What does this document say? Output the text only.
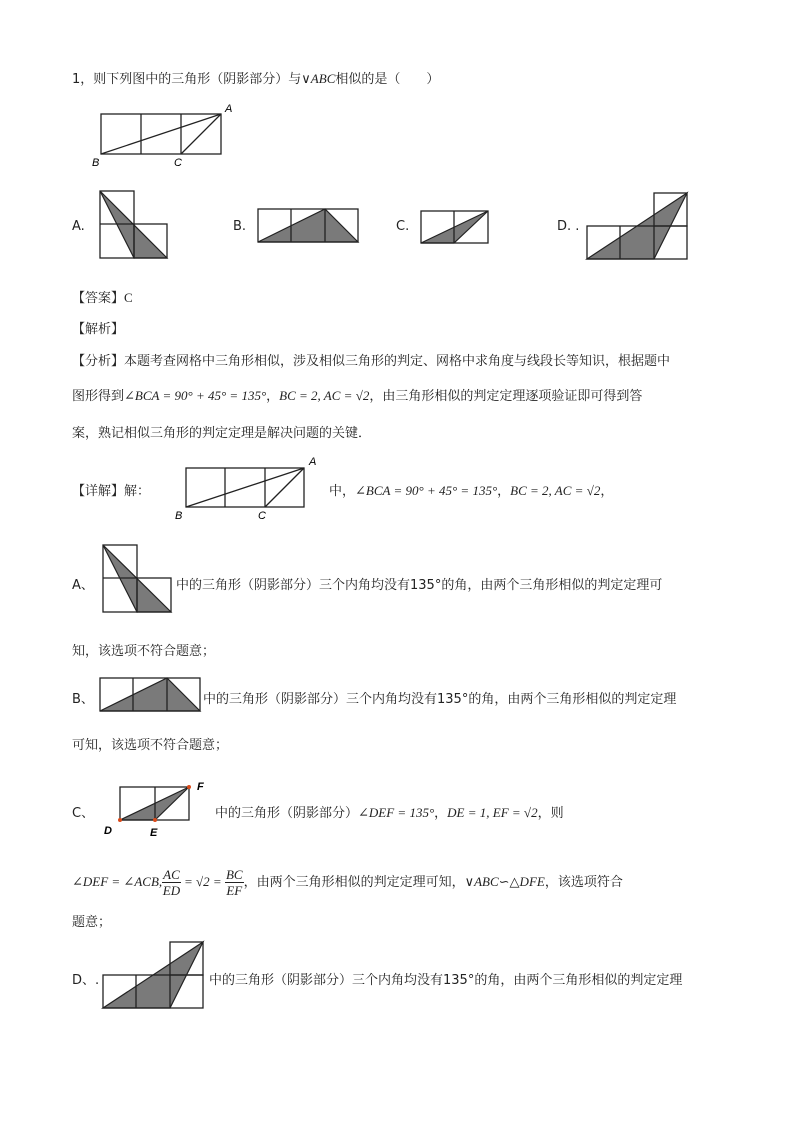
1，则下列图中的三角形（阴影部分）与∨ABC相似的是（　　）
A
B	C
A.	B.	C.	D. .
【答案】C
【解析】
【分析】本题考查网格中三角形相似，涉及相似三角形的判定、网格中求角度与线段长等知识，根据题中
图形得到∠BCA = 90° + 45° = 135°，BC = 2, AC = √2，由三角形相似的判定定理逐项验证即可得到答
案，熟记相似三角形的判定定理是解决问题的关键．
【详解】解：
A
B	C
中，∠BCA = 90° + 45° = 135°，BC = 2, AC = √2，
A、	中的三角形（阴影部分）三个内角均没有135°的角，由两个三角形相似的判定定理可
知，该选项不符合题意；
B、	中的三角形（阴影部分）三个内角均没有135°的角，由两个三角形相似的判定定理
可知，该选项不符合题意；
C、
D	E
F
中的三角形（阴影部分）∠DEF = 135°，DE = 1, EF = √2，则
∠DEF = ∠ACB, $\frac{AC}{ED} = √2 = \frac{BC}{EF}$ ，由两个三角形相似的判定定理可知，∨ABC∽△DFE，该选项符合
题意；
D、.	中的三角形（阴影部分）三个内角均没有135°的角，由两个三角形相似的判定定理
